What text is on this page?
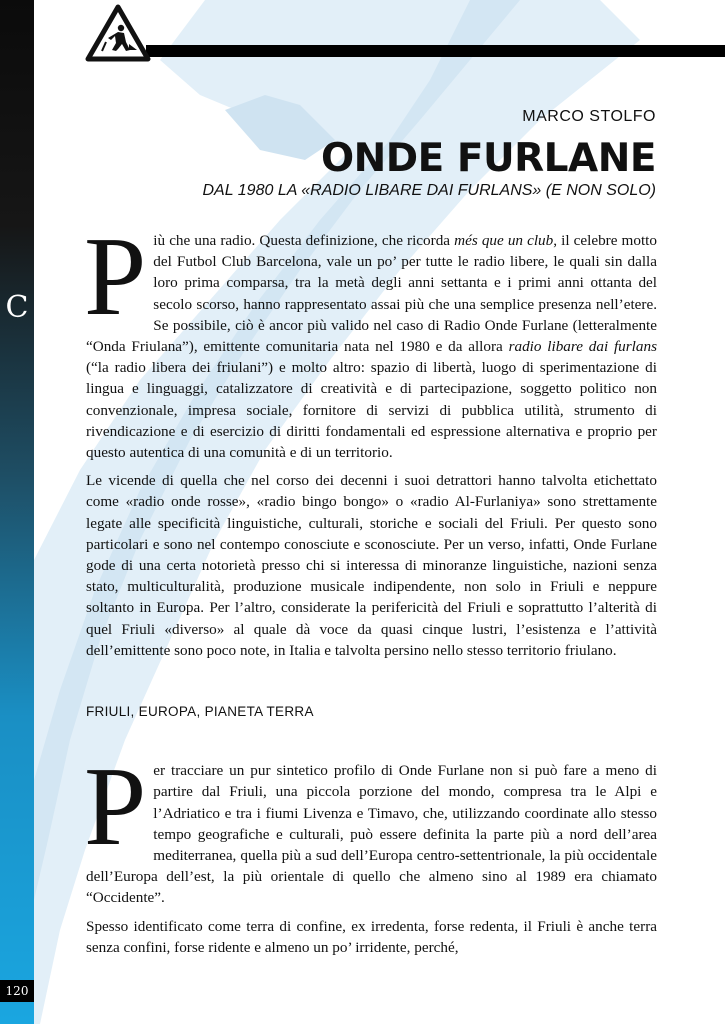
C
120
MARCO STOLFO
ONDE FURLANE
DAL 1980 LA «RADIO LIBARE DAI FURLANS» (E NON SOLO)

Più che una radio. Questa definizione, che ricorda més que un club, il celebre motto del Futbol Club Barcelona, vale un po’ per tutte le radio libere, le quali sin dalla loro prima comparsa, tra la metà degli anni settanta e i primi anni ottanta del secolo scorso, hanno rappresentato assai più che una semplice presenza nell’etere. Se possibile, ciò è ancor più valido nel caso di Radio Onde Furlane (letteralmente “Onda Friulana”), emittente comunitaria nata nel 1980 e da allora radio libare dai furlans (“la radio libera dei friulani”) e molto altro: spazio di libertà, luogo di sperimentazione di lingua e linguaggi, catalizzatore di creatività e di partecipazione, soggetto politico non convenzionale, impresa sociale, fornitore di servizi di pubblica utilità, strumento di rivendicazione e di esercizio di diritti fondamentali ed espressione alternativa e proprio per questo autentica di una comunità e di un territorio.

Le vicende di quella che nel corso dei decenni i suoi detrattori hanno talvolta etichettato come «radio onde rosse», «radio bingo bongo» o «radio Al-Furlaniya» sono strettamente legate alle specificità linguistiche, culturali, storiche e sociali del Friuli. Per questo sono particolari e sono nel contempo conosciute e sconosciute. Per un verso, infatti, Onde Furlane gode di una certa notorietà presso chi si interessa di minoranze linguistiche, nazioni senza stato, multiculturalità, produzione musicale indipendente, non solo in Friuli e neppure soltanto in Europa. Per l’altro, considerate la perifericità del Friuli e soprattutto l’alterità di quel Friuli «diverso» al quale dà voce da quasi cinque lustri, l’esistenza e l’attività dell’emittente sono poco note, in Italia e talvolta persino nello stesso territorio friulano.

FRIULI, EUROPA, PIANETA TERRA

Per tracciare un pur sintetico profilo di Onde Furlane non si può fare a meno di partire dal Friuli, una piccola porzione del mondo, compresa tra le Alpi e l’Adriatico e tra i fiumi Livenza e Timavo, che, utilizzando coordinate allo stesso tempo geografiche e culturali, può essere definita la parte più a nord dell’area mediterranea, quella più a sud dell’Europa centro-settentrionale, la più occidentale dell’Europa dell’est, la più orientale di quello che almeno sino al 1989 era chiamato “Occidente”.

Spesso identificato come terra di confine, ex irredenta, forse redenta, il Friuli è anche terra senza confini, forse ridente e almeno un po’ irridente, perché,
